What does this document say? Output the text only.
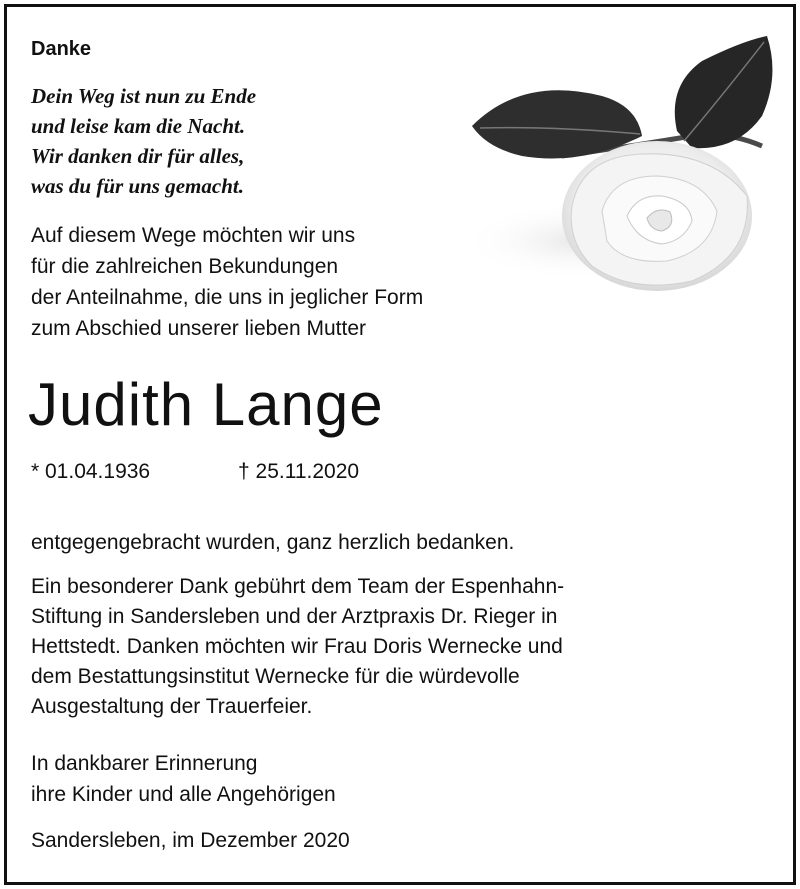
Danke
Dein Weg ist nun zu Ende
und leise kam die Nacht.
Wir danken dir für alles,
was du für uns gemacht.
Auf diesem Wege möchten wir uns
für die zahlreichen Bekundungen
der Anteilnahme, die uns in jeglicher Form
zum Abschied unserer lieben Mutter
Judith Lange
* 01.04.1936	† 25.11.2020
entgegengebracht wurden, ganz herzlich bedanken.
Ein besonderer Dank gebührt dem Team der Espenhahn-
Stiftung in Sandersleben und der Arztpraxis Dr. Rieger in
Hettstedt. Danken möchten wir Frau Doris Wernecke und
dem Bestattungsinstitut Wernecke für die würdevolle
Ausgestaltung der Trauerfeier.
In dankbarer Erinnerung
ihre Kinder und alle Angehörigen
Sandersleben, im Dezember 2020
